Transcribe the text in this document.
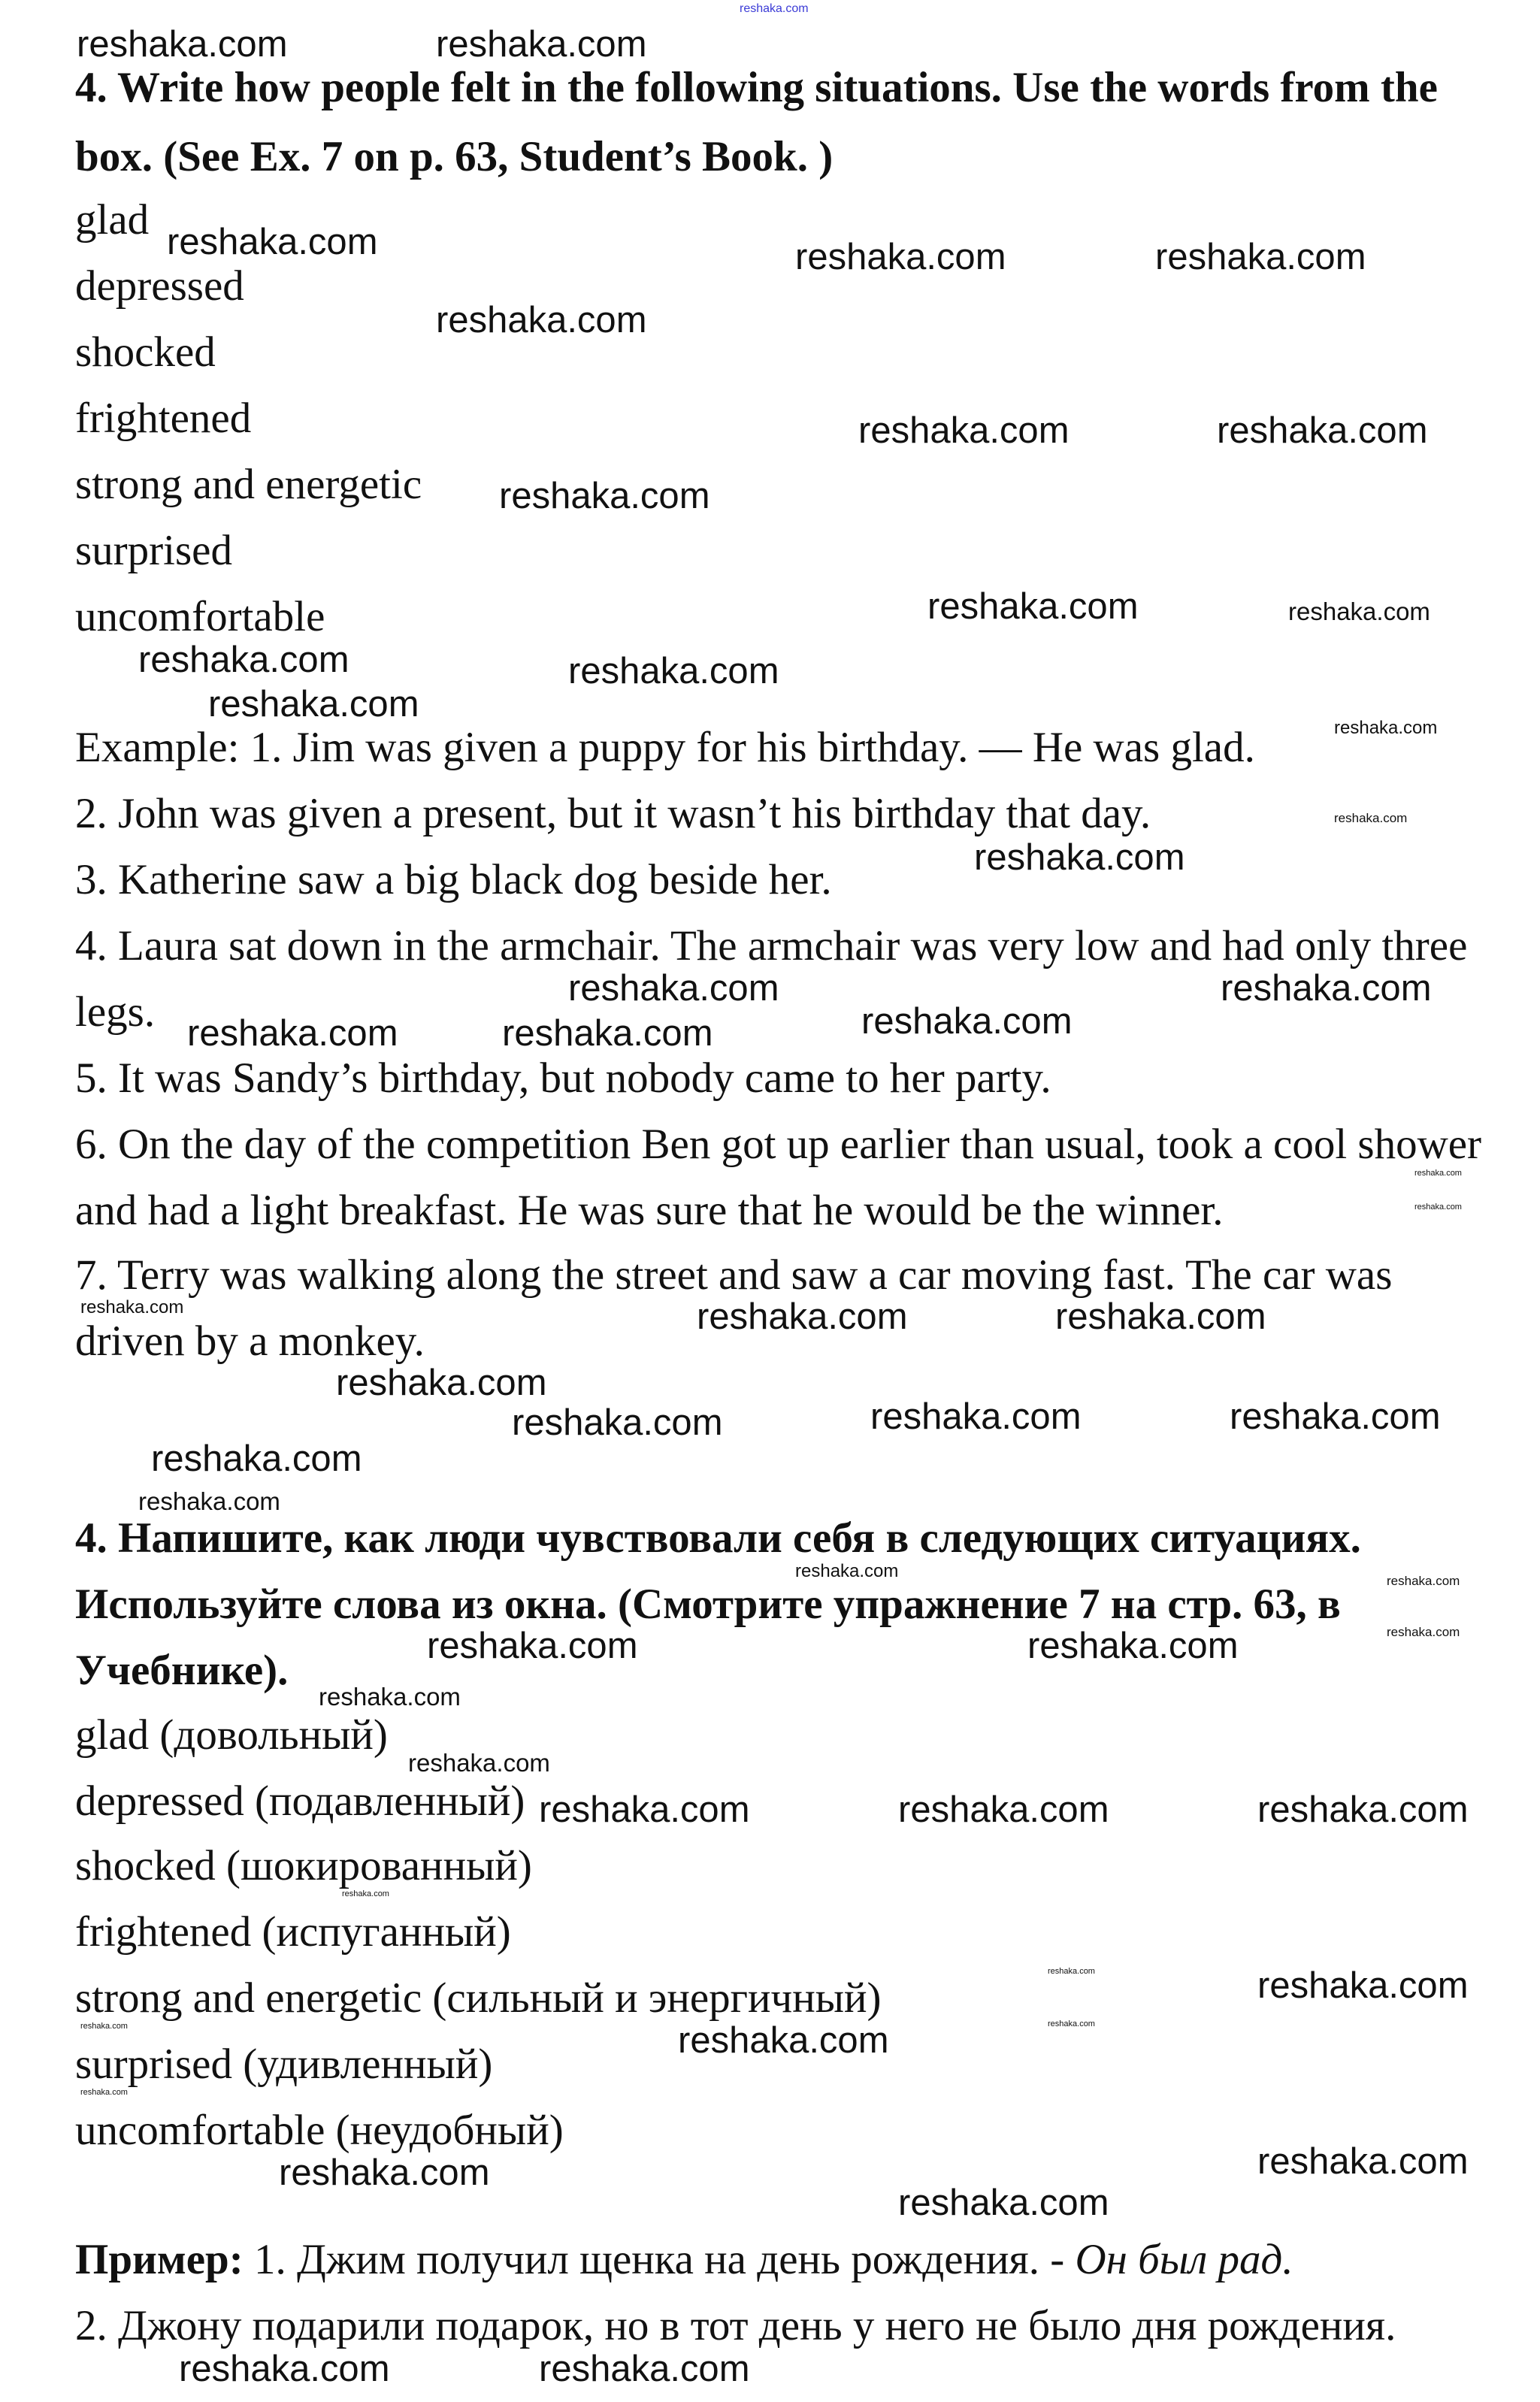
reshaka.com
4. Write how people felt in the following situations. Use the words from the
box. (See Ex. 7 on p. 63, Student’s Book. )
glad
depressed
shocked
frightened
strong and energetic
surprised
uncomfortable
Example: 1. Jim was given a puppy for his birthday. — He was glad.
2. John was given a present, but it wasn’t his birthday that day.
3. Katherine saw a big black dog beside her.
4. Laura sat down in the armchair. The armchair was very low and had only three
legs.
5. It was Sandy’s birthday, but nobody came to her party.
6. On the day of the competition Ben got up earlier than usual, took a cool shower
and had a light breakfast. He was sure that he would be the winner.
7. Terry was walking along the street and saw a car moving fast. The car was
driven by a monkey.
4. Напишите, как люди чувствовали себя в следующих ситуациях.
Используйте слова из окна. (Смотрите упражнение 7 на стр. 63, в
Учебнике).
glad (довольный)
depressed (подавленный)
shocked (шокированный)
frightened (испуганный)
strong and energetic (сильный и энергичный)
surprised (удивленный)
uncomfortable (неудобный)
Пример: 1. Джим получил щенка на день рождения. - Он был рад.
2. Джону подарили подарок, но в тот день у него не было дня рождения.
reshaka.com	reshaka.com
reshaka.com	reshaka.com
reshaka.com
reshaka.com
reshaka.com	reshaka.com
reshaka.com
reshaka.com
reshaka.com	reshaka.com
reshaka.com
reshaka.com
reshaka.com
reshaka.com
reshaka.com
reshaka.com	reshaka.com
reshaka.com	reshaka.com	reshaka.com
reshaka.com
reshaka.com
reshaka.com
reshaka.com
reshaka.com	reshaka.com
reshaka.com	reshaka.com	reshaka.com
reshaka.com
reshaka.com	reshaka.com
reshaka.com
reshaka.com
reshaka.com	reshaka.com
reshaka.com
reshaka.com	reshaka.com	reshaka.com
reshaka.com
reshaka.com
reshaka.com	reshaka.com
reshaka.com	reshaka.com	reshaka.com
reshaka.com
reshaka.com	reshaka.com
reshaka.com
reshaka.com	reshaka.com
